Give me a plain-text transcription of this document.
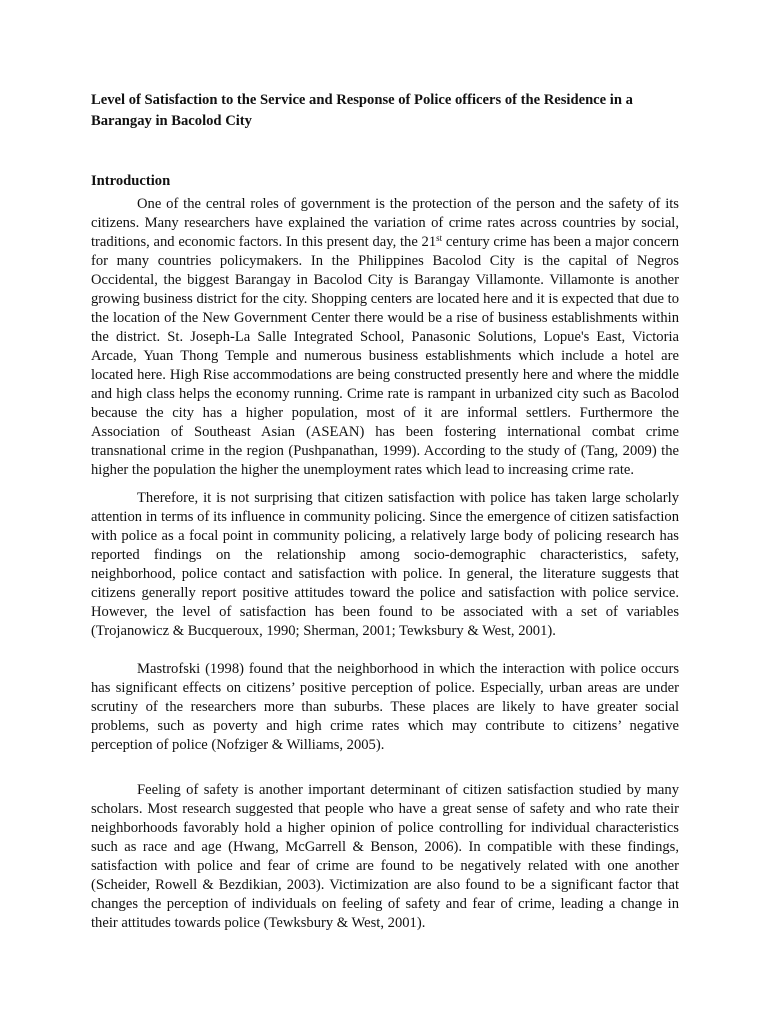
Level of Satisfaction to the Service and Response of Police officers of the Residence in a Barangay in Bacolod City

Introduction

One of the central roles of government is the protection of the person and the safety of its citizens. Many researchers have explained the variation of crime rates across countries by social, traditions, and economic factors. In this present day, the 21st century crime has been a major concern for many countries policymakers. In the Philippines Bacolod City is the capital of Negros Occidental, the biggest Barangay in Bacolod City is Barangay Villamonte. Villamonte is another growing business district for the city. Shopping centers are located here and it is expected that due to the location of the New Government Center there would be a rise of business establishments within the district. St. Joseph-La Salle Integrated School, Panasonic Solutions, Lopue's East, Victoria Arcade, Yuan Thong Temple and numerous business establishments which include a hotel are located here. High Rise accommodations are being constructed presently here and where the middle and high class helps the economy running. Crime rate is rampant in urbanized city such as Bacolod because the city has a higher population, most of it are informal settlers. Furthermore the Association of Southeast Asian (ASEAN) has been fostering international combat crime transnational crime in the region (Pushpanathan, 1999). According to the study of (Tang, 2009) the higher the population the higher the unemployment rates which lead to increasing crime rate.

Therefore, it is not surprising that citizen satisfaction with police has taken large scholarly attention in terms of its influence in community policing. Since the emergence of citizen satisfaction with police as a focal point in community policing, a relatively large body of policing research has reported findings on the relationship among socio-demographic characteristics, safety, neighborhood, police contact and satisfaction with police. In general, the literature suggests that citizens generally report positive attitudes toward the police and satisfaction with police service. However, the level of satisfaction has been found to be associated with a set of variables (Trojanowicz & Bucqueroux, 1990; Sherman, 2001; Tewksbury & West, 2001).

Mastrofski (1998) found that the neighborhood in which the interaction with police occurs has significant effects on citizens’ positive perception of police. Especially, urban areas are under scrutiny of the researchers more than suburbs. These places are likely to have greater social problems, such as poverty and high crime rates which may contribute to citizens’ negative perception of police (Nofziger & Williams, 2005).

Feeling of safety is another important determinant of citizen satisfaction studied by many scholars. Most research suggested that people who have a great sense of safety and who rate their neighborhoods favorably hold a higher opinion of police controlling for individual characteristics such as race and age (Hwang, McGarrell & Benson, 2006). In compatible with these findings, satisfaction with police and fear of crime are found to be negatively related with one another (Scheider, Rowell & Bezdikian, 2003). Victimization are also found to be a significant factor that changes the perception of individuals on feeling of safety and fear of crime, leading a change in their attitudes towards police (Tewksbury & West, 2001).
